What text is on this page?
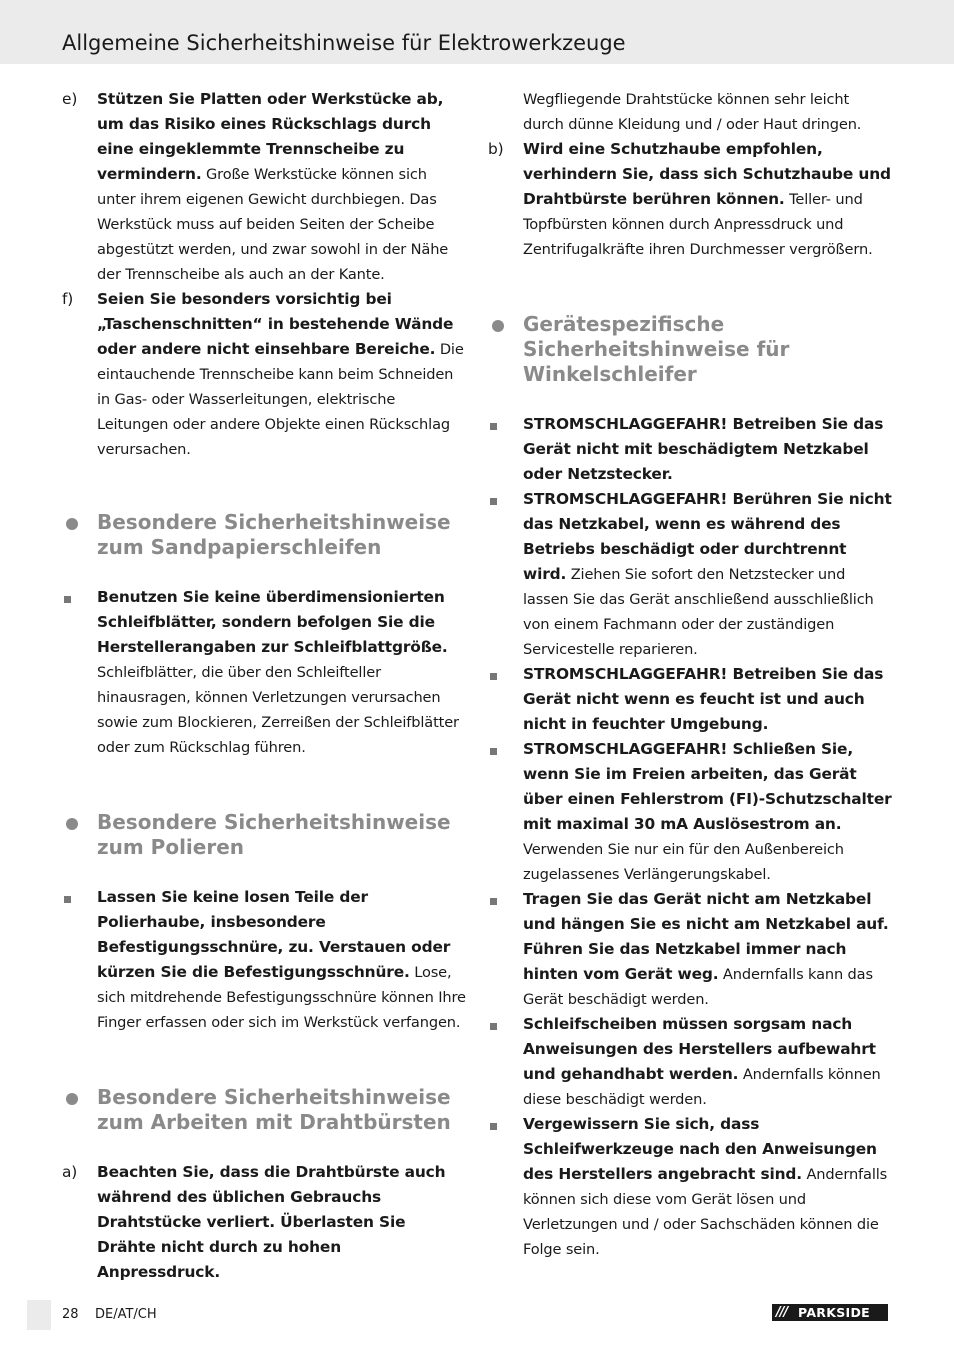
Allgemeine Sicherheitshinweise für Elektrowerkzeuge
e)	Stützen Sie Platten oder Werkstücke ab, um das Risiko eines Rückschlags durch eine eingeklemmte Trennscheibe zu vermindern. Große Werkstücke können sich unter ihrem eigenen Gewicht durchbiegen. Das Werkstück muss auf beiden Seiten der Scheibe abgestützt werden, und zwar sowohl in der Nähe der Trennscheibe als auch an der Kante.
f)	Seien Sie besonders vorsichtig bei „Taschenschnitten“ in bestehende Wände oder andere nicht einsehbare Bereiche. Die eintauchende Trennscheibe kann beim Schneiden in Gas- oder Wasserleitungen, elektrische Leitungen oder andere Objekte einen Rückschlag verursachen.
Besondere Sicherheitshinweise zum Sandpapierschleifen
Benutzen Sie keine überdimensionierten Schleifblätter, sondern befolgen Sie die Herstellerangaben zur Schleifblattgröße. Schleifblätter, die über den Schleifteller hinausragen, können Verletzungen verursachen sowie zum Blockieren, Zerreißen der Schleifblätter oder zum Rückschlag führen.
Besondere Sicherheitshinweise zum Polieren
Lassen Sie keine losen Teile der Polierhaube, insbesondere Befestigungsschnüre, zu. Verstauen oder kürzen Sie die Befestigungsschnüre. Lose, sich mitdrehende Befestigungsschnüre können Ihre Finger erfassen oder sich im Werkstück verfangen.
Besondere Sicherheitshinweise zum Arbeiten mit Drahtbürsten
a)	Beachten Sie, dass die Drahtbürste auch während des üblichen Gebrauchs Drahtstücke verliert. Überlasten Sie Drähte nicht durch zu hohen Anpressdruck.
Wegfliegende Drahtstücke können sehr leicht durch dünne Kleidung und / oder Haut dringen.
b)	Wird eine Schutzhaube empfohlen, verhindern Sie, dass sich Schutzhaube und Drahtbürste berühren können. Teller- und Topfbürsten können durch Anpressdruck und Zentrifugalkräfte ihren Durchmesser vergrößern.
Gerätespezifische Sicherheitshinweise für Winkelschleifer
STROMSCHLAGGEFAHR! Betreiben Sie das Gerät nicht mit beschädigtem Netzkabel oder Netzstecker.
STROMSCHLAGGEFAHR! Berühren Sie nicht das Netzkabel, wenn es während des Betriebs beschädigt oder durchtrennt wird. Ziehen Sie sofort den Netzstecker und lassen Sie das Gerät anschließend ausschließlich von einem Fachmann oder der zuständigen Servicestelle reparieren.
STROMSCHLAGGEFAHR! Betreiben Sie das Gerät nicht wenn es feucht ist und auch nicht in feuchter Umgebung.
STROMSCHLAGGEFAHR! Schließen Sie, wenn Sie im Freien arbeiten, das Gerät über einen Fehlerstrom (FI)-Schutzschalter mit maximal 30 mA Auslösestrom an. Verwenden Sie nur ein für den Außenbereich zugelassenes Verlängerungskabel.
Tragen Sie das Gerät nicht am Netzkabel und hängen Sie es nicht am Netzkabel auf. Führen Sie das Netzkabel immer nach hinten vom Gerät weg. Andernfalls kann das Gerät beschädigt werden.
Schleifscheiben müssen sorgsam nach Anweisungen des Herstellers aufbewahrt und gehandhabt werden. Andernfalls können diese beschädigt werden.
Vergewissern Sie sich, dass Schleifwerkzeuge nach den Anweisungen des Herstellers angebracht sind. Andernfalls können sich diese vom Gerät lösen und Verletzungen und / oder Sachschäden können die Folge sein.
28 DE/AT/CH	/// PARKSIDE
